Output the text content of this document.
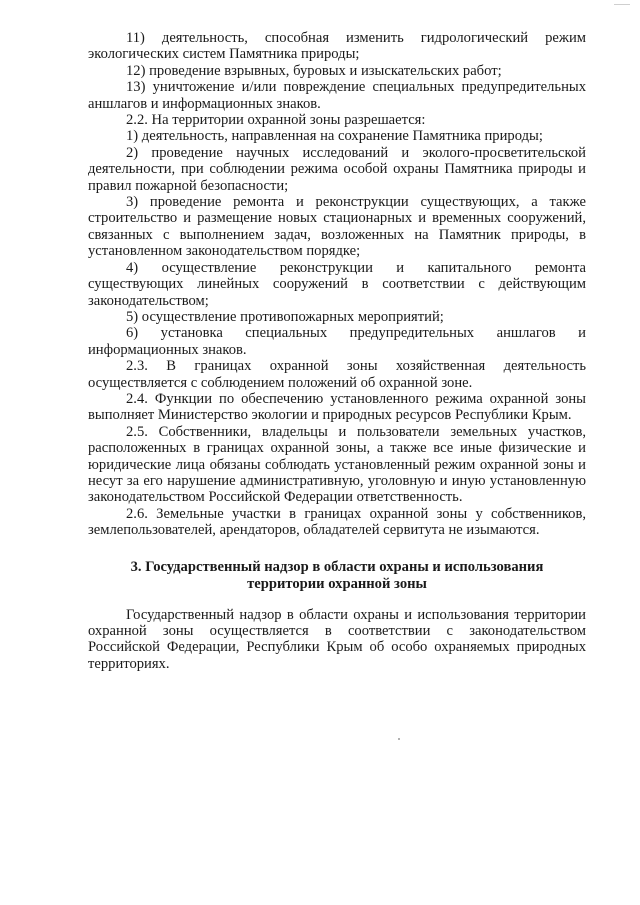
11) деятельность, способная изменить гидрологический режим экологических систем Памятника природы;

12) проведение взрывных, буровых и изыскательских работ;

13) уничтожение и/или повреждение специальных предупредительных аншлагов и информационных знаков.

2.2. На территории охранной зоны разрешается:

1) деятельность, направленная на сохранение Памятника природы;

2) проведение научных исследований и эколого-просветительской деятельности, при соблюдении режима особой охраны Памятника природы и правил пожарной безопасности;

3) проведение ремонта и реконструкции существующих, а также строительство и размещение новых стационарных и временных сооружений, связанных с выполнением задач, возложенных на Памятник природы, в установленном законодательством порядке;

4) осуществление реконструкции и капитального ремонта существующих линейных сооружений в соответствии с действующим законодательством;

5) осуществление противопожарных мероприятий;

6) установка специальных предупредительных аншлагов и информационных знаков.

2.3. В границах охранной зоны хозяйственная деятельность осуществляется с соблюдением положений об охранной зоне.

2.4. Функции по обеспечению установленного режима охранной зоны выполняет Министерство экологии и природных ресурсов Республики Крым.

2.5. Собственники, владельцы и пользователи земельных участков, расположенных в границах охранной зоны, а также все иные физические и юридические лица обязаны соблюдать установленный режим охранной зоны и несут за его нарушение административную, уголовную и иную установленную законодательством Российской Федерации ответственность.

2.6. Земельные участки в границах охранной зоны у собственников, землепользователей, арендаторов, обладателей сервитута не изымаются.

3. Государственный надзор в области охраны и использования
территории охранной зоны

Государственный надзор в области охраны и использования территории охранной зоны осуществляется в соответствии с законодательством Российской Федерации, Республики Крым об особо охраняемых природных территориях.
